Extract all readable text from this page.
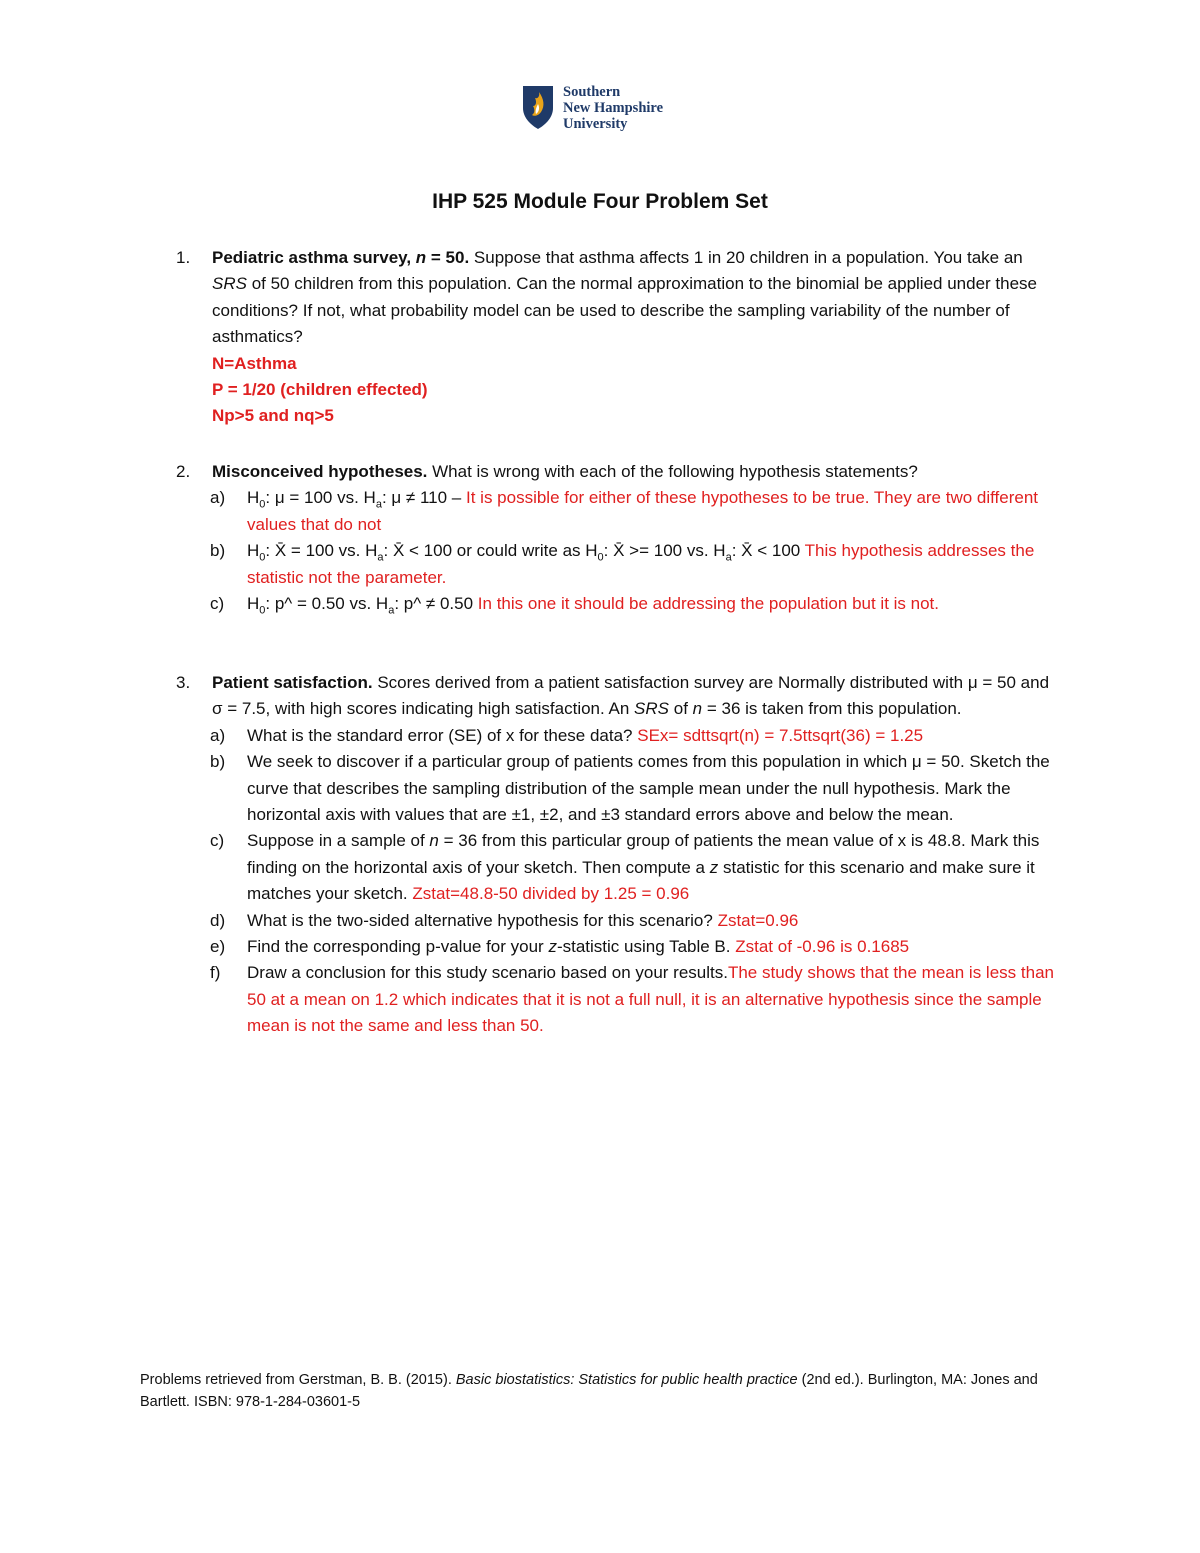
Southern
New Hampshire
University
IHP 525 Module Four Problem Set
1. Pediatric asthma survey, n = 50. Suppose that asthma affects 1 in 20 children in a population. You take an SRS of 50 children from this population. Can the normal approximation to the binomial be applied under these conditions? If not, what probability model can be used to describe the sampling variability of the number of asthmatics?
N=Asthma
P = 1/20 (children effected)
Np>5 and nq>5
2. Misconceived hypotheses. What is wrong with each of the following hypothesis statements?
a) $H_0$: μ = 100 vs. $H_a$: μ ≠ 110 – It is possible for either of these hypotheses to be true. They are two different values that do not
b) $H_0$: X̄ = 100 vs. $H_a$: X̄ < 100 or could write as $H_0$: X̄ >= 100 vs. $H_a$: X̄ < 100 This hypothesis addresses the statistic not the parameter.
c) $H_0$: p^ = 0.50 vs. $H_a$: p^ ≠ 0.50 In this one it should be addressing the population but it is not.
3. Patient satisfaction. Scores derived from a patient satisfaction survey are Normally distributed with μ = 50 and σ = 7.5, with high scores indicating high satisfaction. An SRS of n = 36 is taken from this population.
a) What is the standard error (SE) of x for these data? SEx= sdttsqrt(n) = 7.5ttsqrt(36) = 1.25
b) We seek to discover if a particular group of patients comes from this population in which μ = 50. Sketch the curve that describes the sampling distribution of the sample mean under the null hypothesis. Mark the horizontal axis with values that are ±1, ±2, and ±3 standard errors above and below the mean.
c) Suppose in a sample of n = 36 from this particular group of patients the mean value of x is 48.8. Mark this finding on the horizontal axis of your sketch. Then compute a z statistic for this scenario and make sure it matches your sketch. Zstat=48.8-50 divided by 1.25 = 0.96
d) What is the two-sided alternative hypothesis for this scenario? Zstat=0.96
e) Find the corresponding p-value for your z-statistic using Table B. Zstat of -0.96 is 0.1685
f) Draw a conclusion for this study scenario based on your results.The study shows that the mean is less than 50 at a mean on 1.2 which indicates that it is not a full null, it is an alternative hypothesis since the sample mean is not the same and less than 50.
Problems retrieved from Gerstman, B. B. (2015). Basic biostatistics: Statistics for public health practice (2nd ed.). Burlington, MA: Jones and Bartlett. ISBN: 978-1-284-03601-5
